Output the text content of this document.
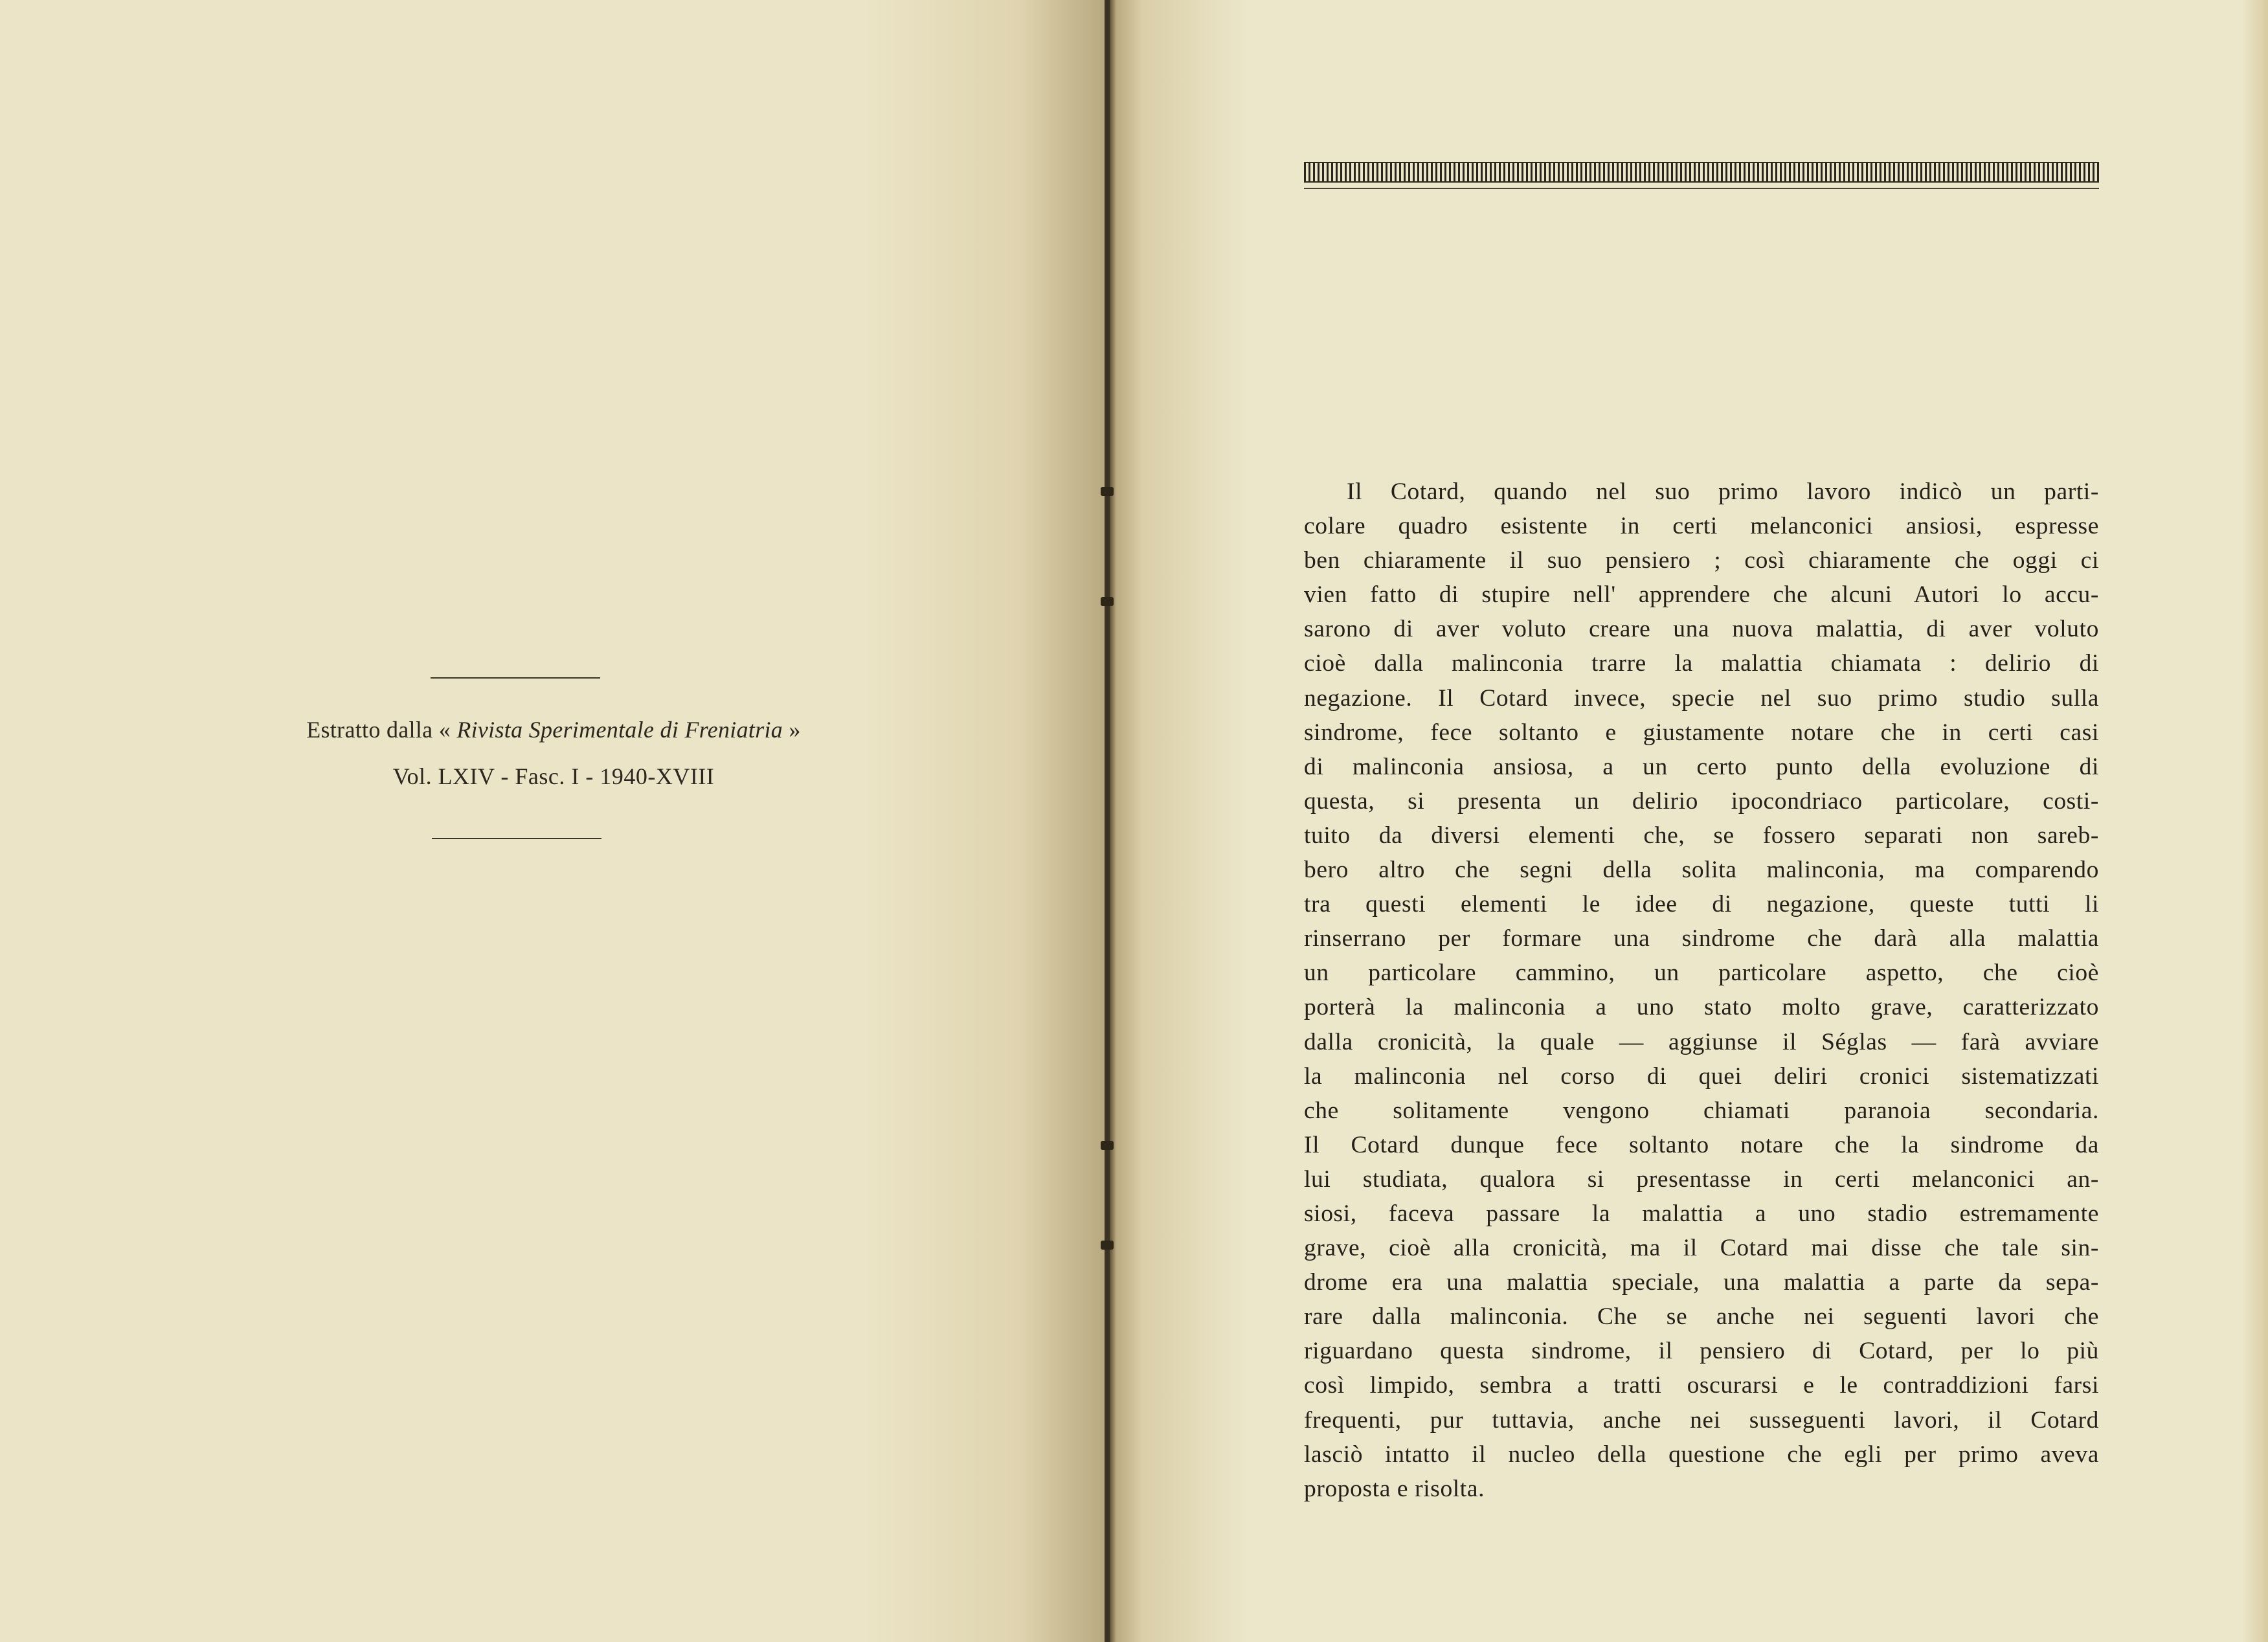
Estratto dalla « Rivista Sperimentale di Freniatria »
Vol. LXIV - Fasc. I - 1940-XVIII
Il Cotard, quando nel suo primo lavoro indicò un parti-
colare quadro esistente in certi melanconici ansiosi, espresse
ben chiaramente il suo pensiero ; così chiaramente che oggi ci
vien fatto di stupire nell' apprendere che alcuni Autori lo accu-
sarono di aver voluto creare una nuova malattia, di aver voluto
cioè dalla malinconia trarre la malattia chiamata : delirio di
negazione. Il Cotard invece, specie nel suo primo studio sulla
sindrome, fece soltanto e giustamente notare che in certi casi
di malinconia ansiosa, a un certo punto della evoluzione di
questa, si presenta un delirio ipocondriaco particolare, costi-
tuito da diversi elementi che, se fossero separati non sareb-
bero altro che segni della solita malinconia, ma comparendo
tra questi elementi le idee di negazione, queste tutti li
rinserrano per formare una sindrome che darà alla malattia
un particolare cammino, un particolare aspetto, che cioè
porterà la malinconia a uno stato molto grave, caratterizzato
dalla cronicità, la quale — aggiunse il Séglas — farà avviare
la malinconia nel corso di quei deliri cronici sistematizzati
che solitamente vengono chiamati paranoia secondaria.
Il Cotard dunque fece soltanto notare che la sindrome da
lui studiata, qualora si presentasse in certi melanconici an-
siosi, faceva passare la malattia a uno stadio estremamente
grave, cioè alla cronicità, ma il Cotard mai disse che tale sin-
drome era una malattia speciale, una malattia a parte da sepa-
rare dalla malinconia. Che se anche nei seguenti lavori che
riguardano questa sindrome, il pensiero di Cotard, per lo più
così limpido, sembra a tratti oscurarsi e le contraddizioni farsi
frequenti, pur tuttavia, anche nei susseguenti lavori, il Cotard
lasciò intatto il nucleo della questione che egli per primo aveva
proposta e risolta.
